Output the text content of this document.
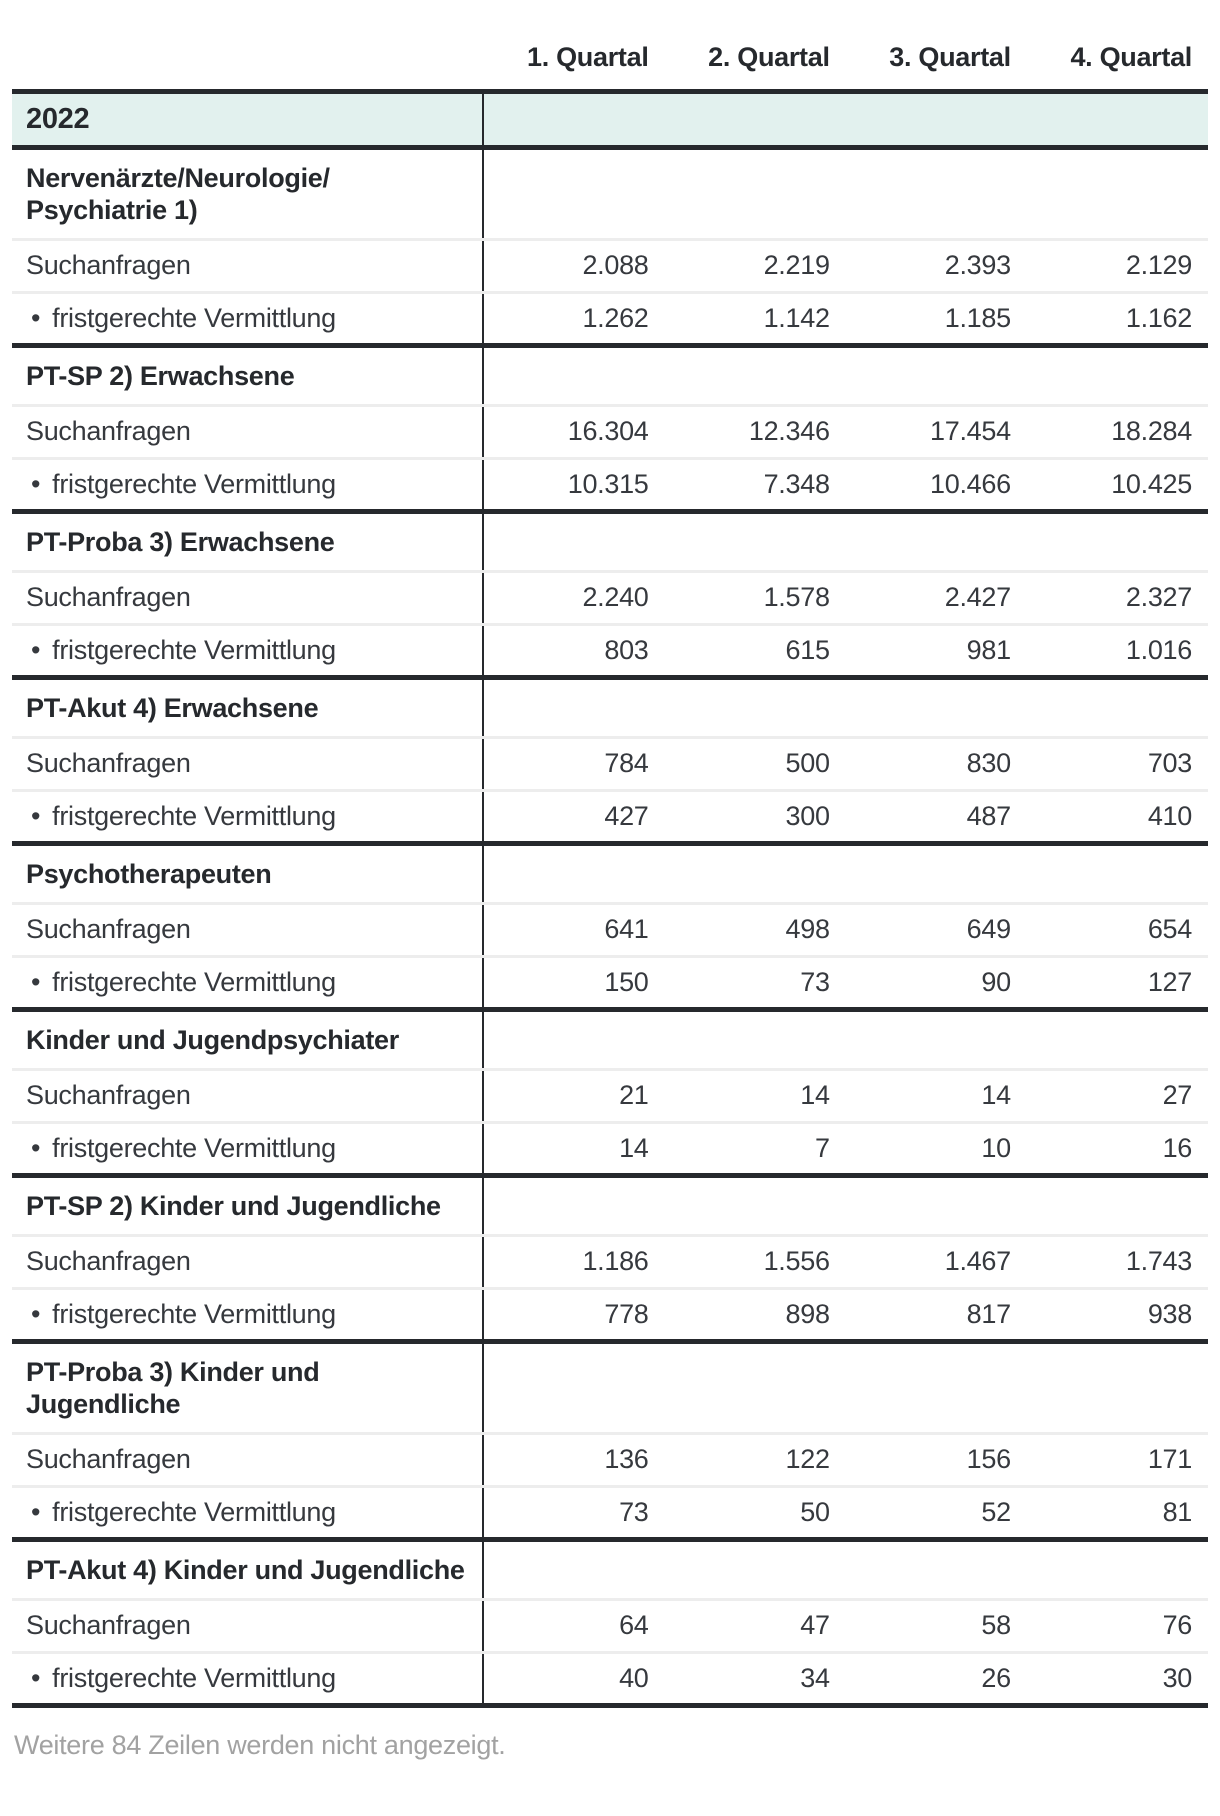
	1. Quartal	2. Quartal	3. Quartal	4. Quartal
2022				
Nervenärzte/Neurologie/
Psychiatrie 1)				
Suchanfragen	2.088	2.219	2.393	2.129
• fristgerechte Vermittlung	1.262	1.142	1.185	1.162
PT-SP 2) Erwachsene				
Suchanfragen	16.304	12.346	17.454	18.284
• fristgerechte Vermittlung	10.315	7.348	10.466	10.425
PT-Proba 3) Erwachsene				
Suchanfragen	2.240	1.578	2.427	2.327
• fristgerechte Vermittlung	803	615	981	1.016
PT-Akut 4) Erwachsene				
Suchanfragen	784	500	830	703
• fristgerechte Vermittlung	427	300	487	410
Psychotherapeuten				
Suchanfragen	641	498	649	654
• fristgerechte Vermittlung	150	73	90	127
Kinder und Jugendpsychiater				
Suchanfragen	21	14	14	27
• fristgerechte Vermittlung	14	7	10	16
PT-SP 2) Kinder und Jugendliche				
Suchanfragen	1.186	1.556	1.467	1.743
• fristgerechte Vermittlung	778	898	817	938
PT-Proba 3) Kinder und
Jugendliche				
Suchanfragen	136	122	156	171
• fristgerechte Vermittlung	73	50	52	81
PT-Akut 4) Kinder und Jugendliche				
Suchanfragen	64	47	58	76
• fristgerechte Vermittlung	40	34	26	30

Weitere 84 Zeilen werden nicht angezeigt.
